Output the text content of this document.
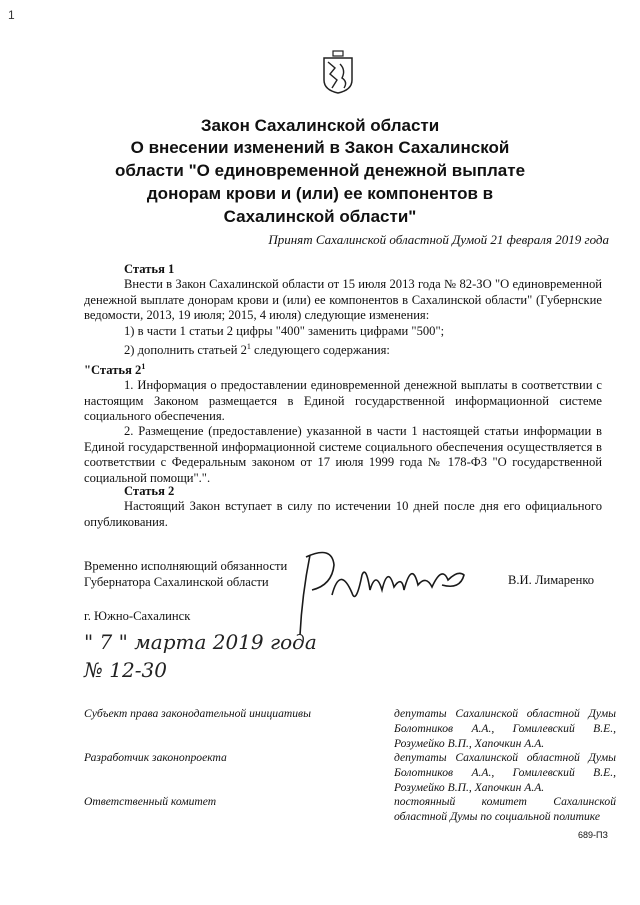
1
Закон Сахалинской области
О внесении изменений в Закон Сахалинской
области "О единовременной денежной выплате
донорам крови и (или) ее компонентов в
Сахалинской области"
Принят Сахалинской областной Думой 21 февраля 2019 года

Статья 1

Внести в Закон Сахалинской области от 15 июля 2013 года № 82-ЗО "О единовременной денежной выплате донорам крови и (или) ее компонентов в Сахалинской области" (Губернские ведомости, 2013, 19 июля; 2015, 4 июля) следующие изменения:

1) в части 1 статьи 2 цифры "400" заменить цифрами "500";

2) дополнить статьей $2^1$ следующего содержания:

"Статья $2^1$

1. Информация о предоставлении единовременной денежной выплаты в соответствии с настоящим Законом размещается в Единой государственной информационной системе социального обеспечения.

2. Размещение (предоставление) указанной в части 1 настоящей статьи информации в Единой государственной информационной системе социального обеспечения осуществляется в соответствии с Федеральным законом от 17 июля 1999 года № 178-ФЗ "О государственной социальной помощи".".

Статья 2

Настоящий Закон вступает в силу по истечении 10 дней после дня его официального опубликования.

Временно исполняющий обязанности
Губернатора Сахалинской области	В.И. Лимаренко
г. Южно-Сахалинск
" 7 " марта 2019 года
№ 12-30
Субъект права законодательной инициативы	депутаты Сахалинской областной Думы Болотников А.А., Гомилевский В.Е., Розумейко В.П., Хапочкин А.А.
Разработчик законопроекта	депутаты Сахалинской областной Думы Болотников А.А., Гомилевский В.Е., Розумейко В.П., Хапочкин А.А.
Ответственный комитет	постоянный комитет Сахалинской областной Думы по социальной политике
689-ПЗ
